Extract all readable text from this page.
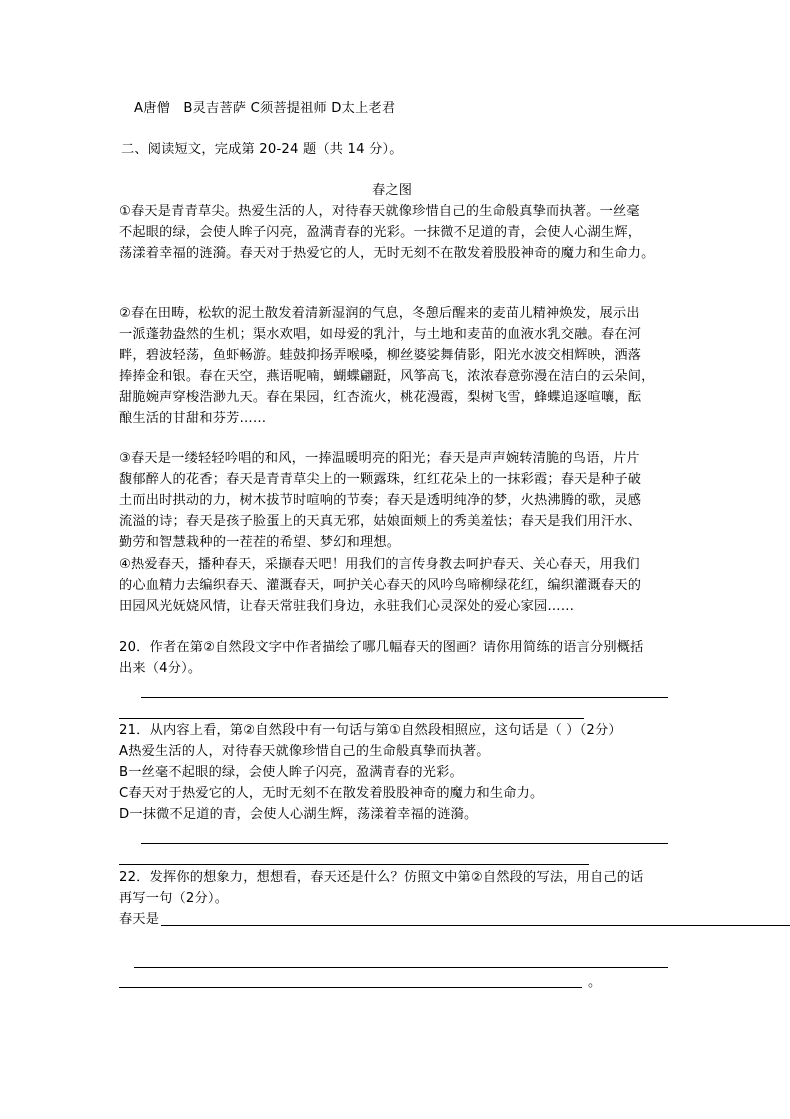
A唐僧　B灵吉菩萨 C须菩提祖师 D太上老君
二、阅读短文，完成第 20-24 题（共 14 分）。
春之图
①春天是青青草尖。热爱生活的人，对待春天就像珍惜自己的生命般真挚而执著。一丝毫
不起眼的绿，会使人眸子闪亮，盈满青春的光彩。一抹微不足道的青，会使人心湖生辉，
荡漾着幸福的涟漪。春天对于热爱它的人，无时无刻不在散发着股股神奇的魔力和生命力。
②春在田畴，松软的泥土散发着清新湿润的气息，冬憩后醒来的麦苗儿精神焕发，展示出
一派蓬勃盎然的生机；渠水欢唱，如母爱的乳汁，与土地和麦苗的血液水乳交融。春在河
畔，碧波轻荡，鱼虾畅游。蛙鼓抑扬弄喉嗓，柳丝婆娑舞倩影，阳光水波交相辉映，洒落
捧捧金和银。春在天空，燕语呢喃，蝴蝶翩跹，风筝高飞，浓浓春意弥漫在洁白的云朵间，
甜脆婉声穿梭浩渺九天。春在果园，红杏流火，桃花漫霞，梨树飞雪，蜂蝶追逐喧嚷，酝
酿生活的甘甜和芬芳……
③春天是一缕轻轻吟唱的和风，一捧温暖明亮的阳光；春天是声声婉转清脆的鸟语，片片
馥郁醉人的花香；春天是青青草尖上的一颗露珠，红红花朵上的一抹彩霞；春天是种子破
土而出时拱动的力，树木拔节时喧响的节奏；春天是透明纯净的梦，火热沸腾的歌，灵感
流溢的诗；春天是孩子脸蛋上的天真无邪，姑娘面颊上的秀美羞怯；春天是我们用汗水、
勤劳和智慧栽种的一茬茬的希望、梦幻和理想。
④热爱春天，播种春天，采撷春天吧！用我们的言传身教去呵护春天、关心春天，用我们
的心血精力去编织春天、灌溉春天，呵护关心春天的风吟鸟啼柳绿花红，编织灌溉春天的
田园风光妩娆风情，让春天常驻我们身边，永驻我们心灵深处的爱心家园……
20．作者在第②自然段文字中作者描绘了哪几幅春天的图画？请你用简练的语言分别概括
出来（4分）。
21．从内容上看，第②自然段中有一句话与第①自然段相照应，这句话是（ ）（2分）
A热爱生活的人，对待春天就像珍惜自己的生命般真挚而执著。
B一丝毫不起眼的绿，会使人眸子闪亮，盈满青春的光彩。
C春天对于热爱它的人，无时无刻不在散发着股股神奇的魔力和生命力。
D一抹微不足道的青，会使人心湖生辉，荡漾着幸福的涟漪。
22．发挥你的想象力，想想看，春天还是什么？仿照文中第②自然段的写法，用自己的话
再写一句（2分）。
春天是
。
